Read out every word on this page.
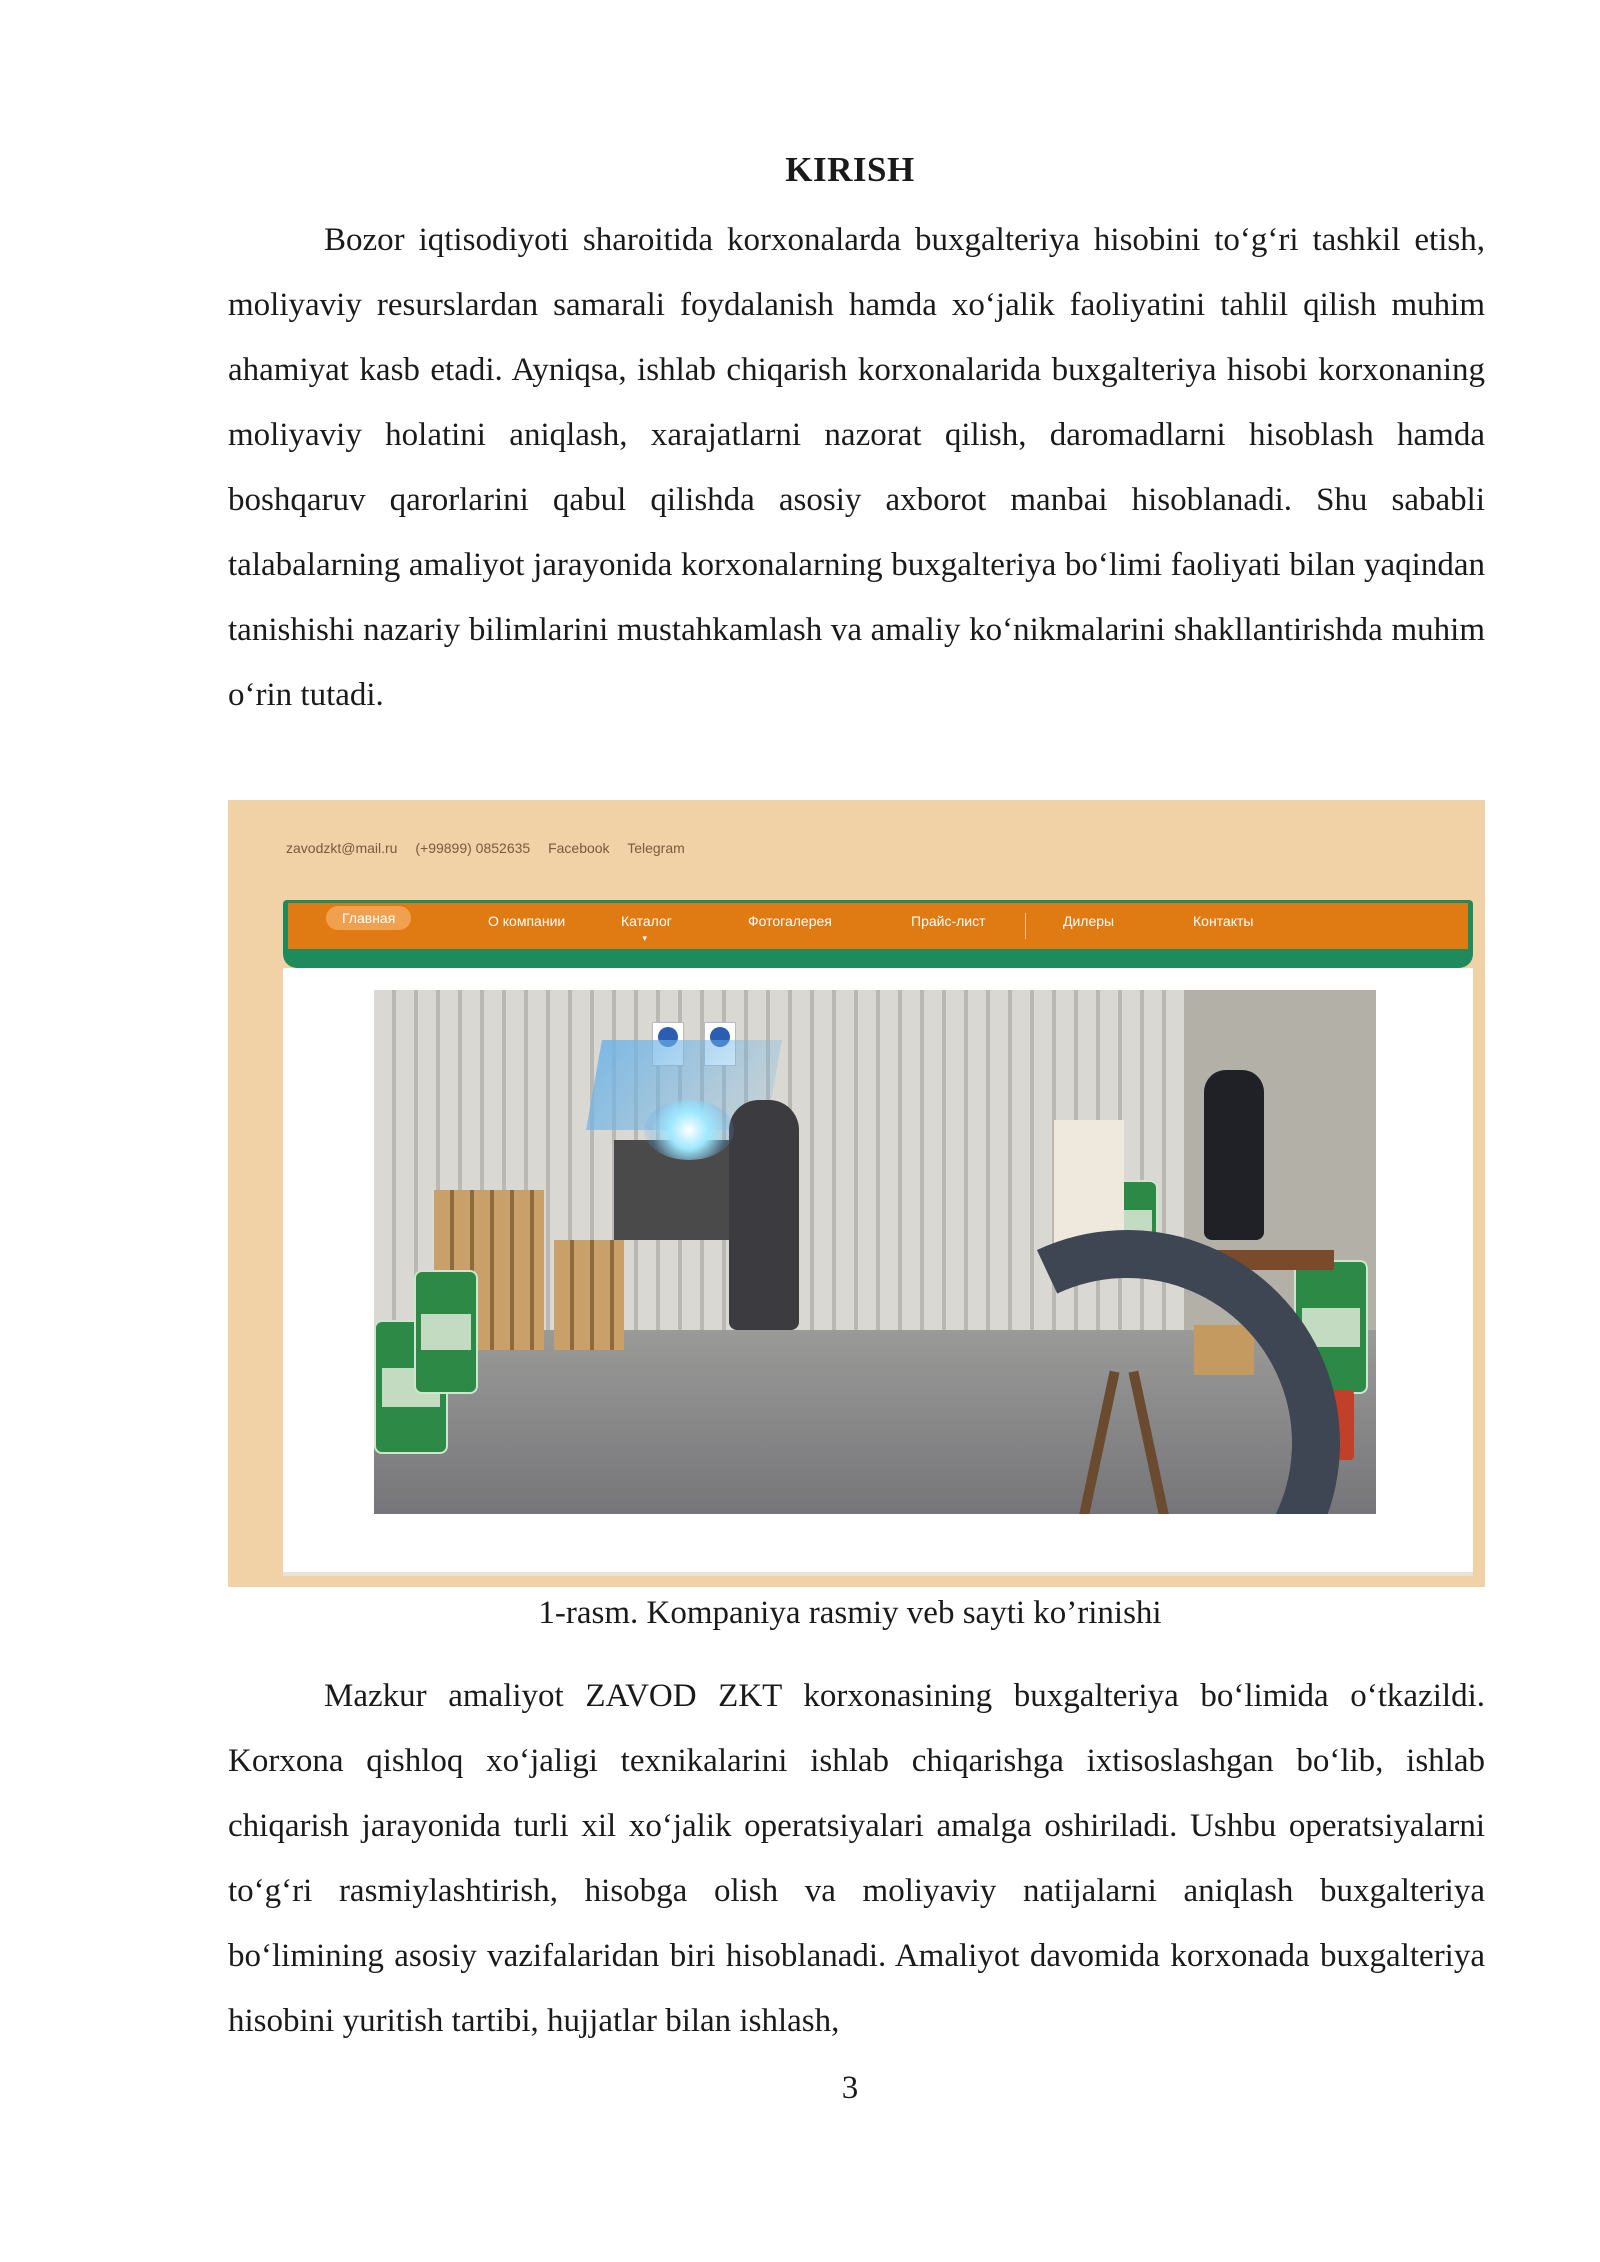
KIRISH

Bozor iqtisodiyoti sharoitida korxonalarda buxgalteriya hisobini to‘g‘ri tashkil etish, moliyaviy resurslardan samarali foydalanish hamda xo‘jalik faoliyatini tahlil qilish muhim ahamiyat kasb etadi. Ayniqsa, ishlab chiqarish korxonalarida buxgalteriya hisobi korxonaning moliyaviy holatini aniqlash, xarajatlarni nazorat qilish, daromadlarni hisoblash hamda boshqaruv qarorlarini qabul qilishda asosiy axborot manbai hisoblanadi. Shu sababli talabalarning amaliyot jarayonida korxonalarning buxgalteriya bo‘limi faoliyati bilan yaqindan tanishishi nazariy bilimlarini mustahkamlash va amaliy ko‘nikmalarini shakllantirishda muhim o‘rin tutadi.

zavodzkt@mail.ru (+99899) 0852635 Facebook Telegram
Главная	О компании	Каталог
▾
Фотогалерея	Прайс-лист	Дилеры	Контакты
1-rasm. Kompaniya rasmiy veb sayti ko’rinishi

Mazkur amaliyot ZAVOD ZKT korxonasining buxgalteriya bo‘limida o‘tkazildi. Korxona qishloq xo‘jaligi texnikalarini ishlab chiqarishga ixtisoslashgan bo‘lib, ishlab chiqarish jarayonida turli xil xo‘jalik operatsiyalari amalga oshiriladi. Ushbu operatsiyalarni to‘g‘ri rasmiylashtirish, hisobga olish va moliyaviy natijalarni aniqlash buxgalteriya bo‘limining asosiy vazifalaridan biri hisoblanadi. Amaliyot davomida korxonada buxgalteriya hisobini yuritish tartibi, hujjatlar bilan ishlash,

3
